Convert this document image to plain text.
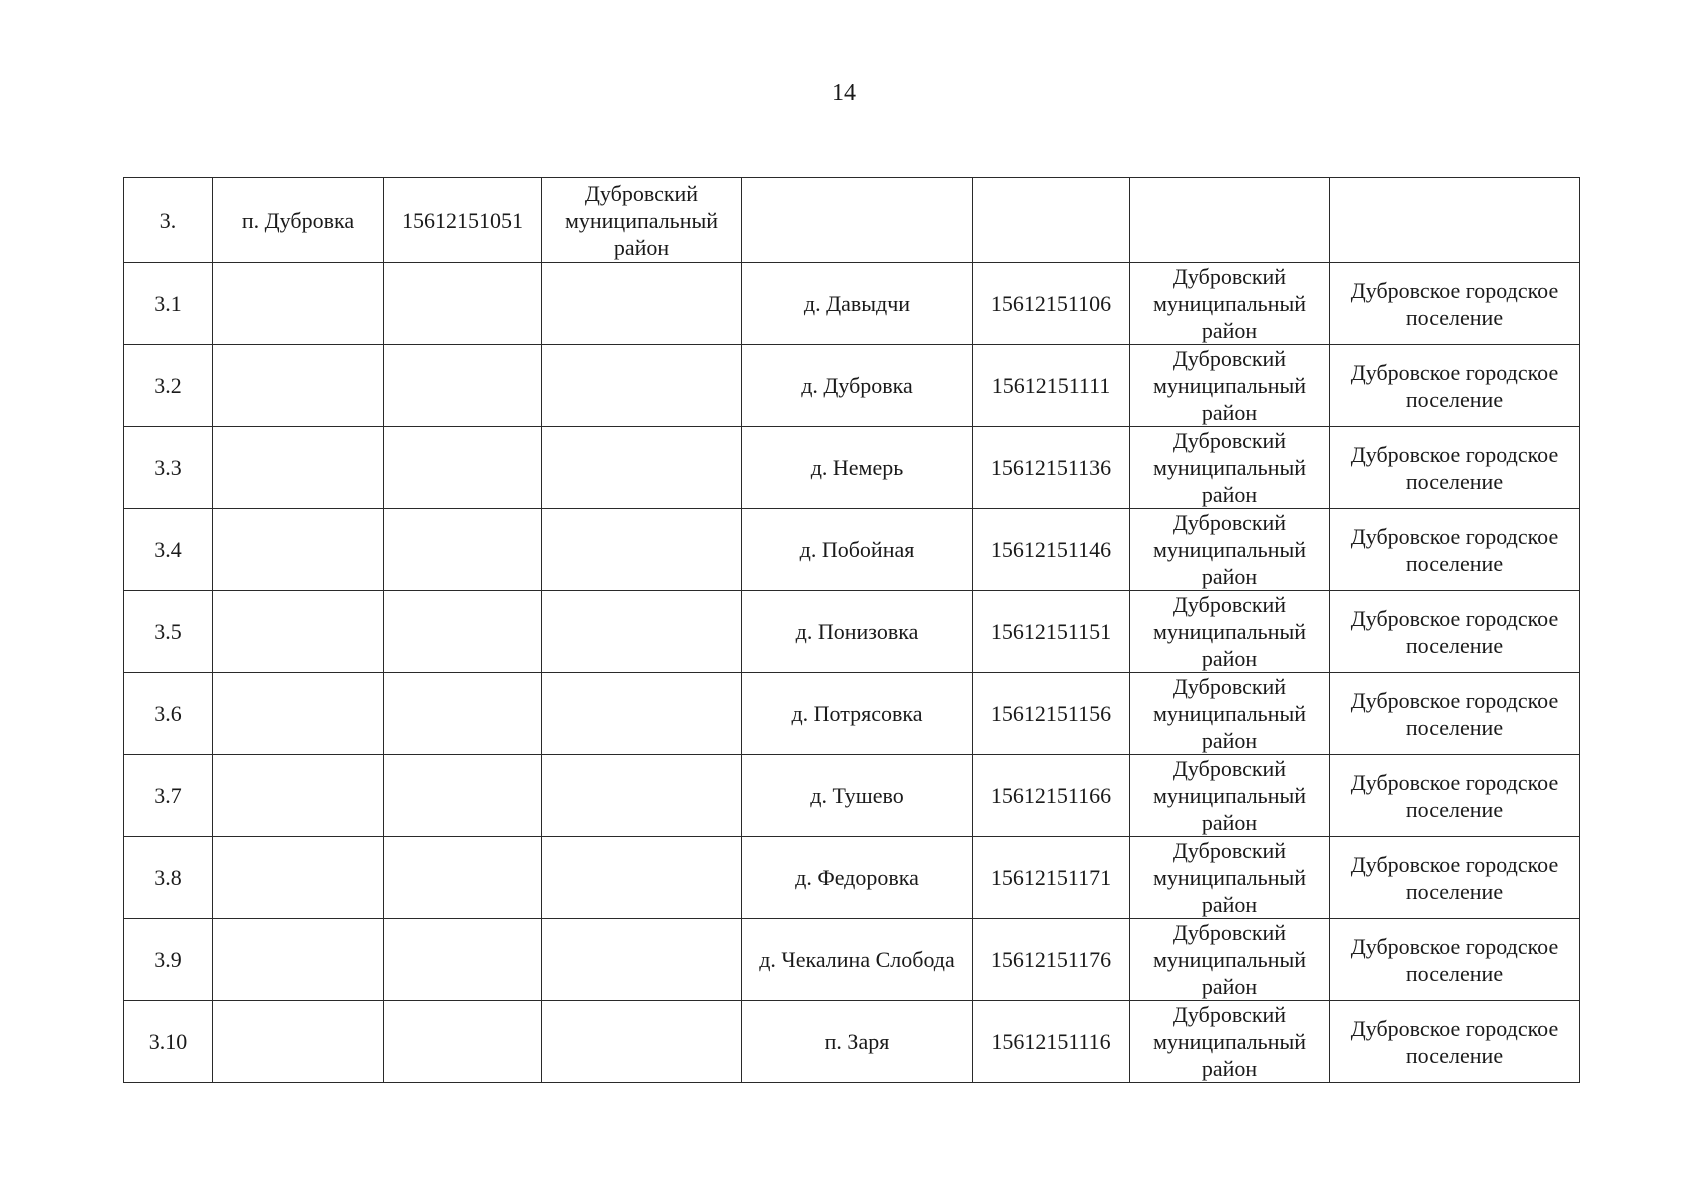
14
3.	п. Дубровка	15612151051	Дубровский муниципальный район				
3.1				д. Давыдчи	15612151106	Дубровский муниципальный район	Дубровское городское поселение
3.2				д. Дубровка	15612151111	Дубровский муниципальный район	Дубровское городское поселение
3.3				д. Немерь	15612151136	Дубровский муниципальный район	Дубровское городское поселение
3.4				д. Побойная	15612151146	Дубровский муниципальный район	Дубровское городское поселение
3.5				д. Понизовка	15612151151	Дубровский муниципальный район	Дубровское городское поселение
3.6				д. Потрясовка	15612151156	Дубровский муниципальный район	Дубровское городское поселение
3.7				д. Тушево	15612151166	Дубровский муниципальный район	Дубровское городское поселение
3.8				д. Федоровка	15612151171	Дубровский муниципальный район	Дубровское городское поселение
3.9				д. Чекалина Слобода	15612151176	Дубровский муниципальный район	Дубровское городское поселение
3.10				п. Заря	15612151116	Дубровский муниципальный район	Дубровское городское поселение
